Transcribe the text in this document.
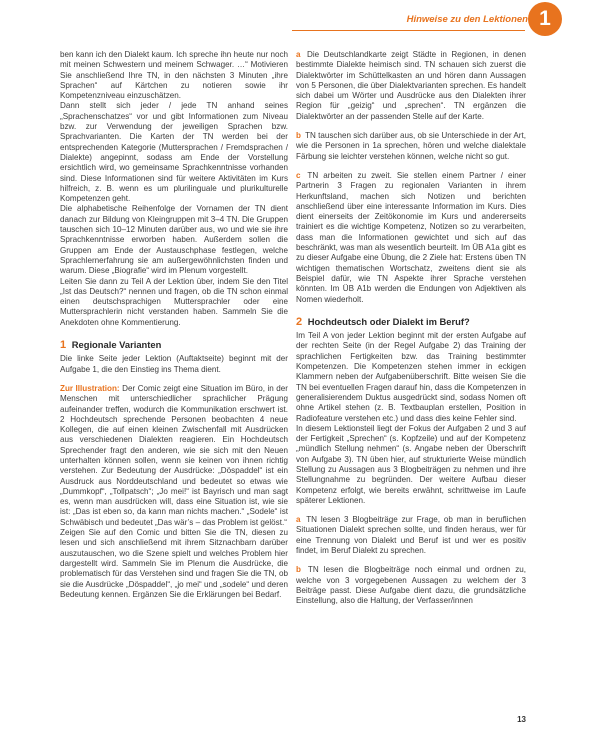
Hinweise zu den Lektionen 1

ben kann ich den Dialekt kaum. Ich spreche ihn heute nur noch mit meinen Schwestern und meinem Schwager. …“ Motivieren Sie anschließend Ihre TN, in den nächsten 3 Minuten „ihre Sprachen“ auf Kärtchen zu notieren sowie ihr Kompetenzniveau einzuschätzen.

Dann stellt sich jeder / jede TN anhand seines „Sprachenschatzes“ vor und gibt Informationen zum Niveau bzw. zur Verwendung der jeweiligen Sprachen bzw. Sprachvarianten. Die Karten der TN werden bei der entsprechenden Kategorie (Muttersprachen / Fremdsprachen / Dialekte) angepinnt, sodass am Ende der Vorstellung ersichtlich wird, wo gemeinsame Sprachkenntnisse vorhanden sind. Diese Informationen sind für weitere Aktivitäten im Kurs hilfreich, z. B. wenn es um plurilinguale und plurikulturelle Kompetenzen geht.

Die alphabetische Reihenfolge der Vornamen der TN dient danach zur Bildung von Kleingruppen mit 3–4 TN. Die Gruppen tauschen sich 10–12 Minuten darüber aus, wo und wie sie ihre Sprachkenntnisse erworben haben. Außerdem sollen die Gruppen am Ende der Austauschphase festlegen, welche Sprachlernerfahrung sie am außergewöhnlichsten finden und warum. Diese „Biografie“ wird im Plenum vorgestellt.

Leiten Sie dann zu Teil A der Lektion über, indem Sie den Titel „Ist das Deutsch?“ nennen und fragen, ob die TN schon einmal einen deutschsprachigen Muttersprachler oder eine Muttersprachlerin nicht verstanden haben. Sammeln Sie die Anekdoten ohne Kommentierung.

1 Regionale Varianten

Die linke Seite jeder Lektion (Auftaktseite) beginnt mit der Aufgabe 1, die den Einstieg ins Thema dient.

Zur Illustration: Der Comic zeigt eine Situation im Büro, in der Menschen mit unterschiedlicher sprachlicher Prägung aufeinander treffen, wodurch die Kommunikation erschwert ist. 2 Hochdeutsch sprechende Personen beobachten 4 neue Kollegen, die auf einen kleinen Zwischenfall mit Ausdrücken aus verschiedenen Dialekten reagieren. Ein Hochdeutsch Sprechender fragt den anderen, wie sie sich mit den Neuen unterhalten können sollen, wenn sie keinen von ihnen richtig verstehen. Zur Bedeutung der Ausdrücke: „Döspaddel“ ist ein Ausdruck aus Norddeutschland und bedeutet so etwas wie „Dummkopf“, „Tollpatsch“; „Jo mei!“ ist Bayrisch und man sagt es, wenn man ausdrücken will, dass eine Situation ist, wie sie ist: „Das ist eben so, da kann man nichts machen.“ „Sodele“ ist Schwäbisch und bedeutet „Das wär’s – das Problem ist gelöst.“

Zeigen Sie auf den Comic und bitten Sie die TN, diesen zu lesen und sich anschließend mit ihrem Sitznachbarn darüber auszutauschen, wo die Szene spielt und welches Problem hier dargestellt wird. Sammeln Sie im Plenum die Ausdrücke, die problematisch für das Verstehen sind und fragen Sie die TN, ob sie die Ausdrücke „Döspaddel“, „jo mei“ und „sodele“ und deren Bedeutung kennen. Ergänzen Sie die Erklärungen bei Bedarf.

a Die Deutschlandkarte zeigt Städte in Regionen, in denen bestimmte Dialekte heimisch sind. TN schauen sich zuerst die Dialektwörter im Schüttelkasten an und hören dann Aussagen von 5 Personen, die über Dialektvarianten sprechen. Es handelt sich dabei um Wörter und Ausdrücke aus den Dialekten ihrer Region für „geizig“ und „sprechen“. TN ergänzen die Dialektwörter an der passenden Stelle auf der Karte.

b TN tauschen sich darüber aus, ob sie Unterschiede in der Art, wie die Personen in 1a sprechen, hören und welche dialektale Färbung sie leichter verstehen können, welche nicht so gut.

c TN arbeiten zu zweit. Sie stellen einem Partner / einer Partnerin 3 Fragen zu regionalen Varianten in ihrem Herkunftsland, machen sich Notizen und berichten anschließend über eine interessante Information im Kurs. Dies dient einerseits der Zeitökonomie im Kurs und andererseits trainiert es die wichtige Kompetenz, Notizen so zu verarbeiten, dass man die Informationen gewichtet und sich auf das beschränkt, was man als wesentlich beurteilt. Im ÜB A1a gibt es zu dieser Aufgabe eine Übung, die 2 Ziele hat: Erstens üben TN wichtigen thematischen Wortschatz, zweitens dient sie als Beispiel dafür, wie TN Aspekte ihrer Sprache verstehen könnten. Im ÜB A1b werden die Endungen von Adjektiven als Nomen wiederholt.

2 Hochdeutsch oder Dialekt im Beruf?

Im Teil A von jeder Lektion beginnt mit der ersten Aufgabe auf der rechten Seite (in der Regel Aufgabe 2) das Training der sprachlichen Fertigkeiten bzw. das Training bestimmter Kompetenzen. Die Kompetenzen stehen immer in eckigen Klammern neben der Aufgabenüberschrift. Bitte weisen Sie die TN bei eventuellen Fragen darauf hin, dass die Kompetenzen in generalisierendem Duktus ausgedrückt sind, sodass Nomen oft ohne Artikel stehen (z. B. Textbauplan erstellen, Position in Radiofeature verstehen etc.) und dass dies keine Fehler sind.

In diesem Lektionsteil liegt der Fokus der Aufgaben 2 und 3 auf der Fertigkeit „Sprechen“ (s. Kopfzeile) und auf der Kompetenz „mündlich Stellung nehmen“ (s. Angabe neben der Überschrift von Aufgabe 3). TN üben hier, auf strukturierte Weise mündlich Stellung zu Aussagen aus 3 Blogbeiträgen zu nehmen und ihre Stellungnahme zu begründen. Der weitere Aufbau dieser Kompetenz erfolgt, wie bereits erwähnt, schrittweise im Laufe späterer Lektionen.

a TN lesen 3 Blogbeiträge zur Frage, ob man in beruflichen Situationen Dialekt sprechen sollte, und finden heraus, wer für eine Trennung von Dialekt und Beruf ist und wer es positiv findet, im Beruf Dialekt zu sprechen.

b TN lesen die Blogbeiträge noch einmal und ordnen zu, welche von 3 vorgegebenen Aussagen zu welchem der 3 Beiträge passt. Diese Aufgabe dient dazu, die grundsätzliche Einstellung, also die Haltung, der Verfasser/innen

13
